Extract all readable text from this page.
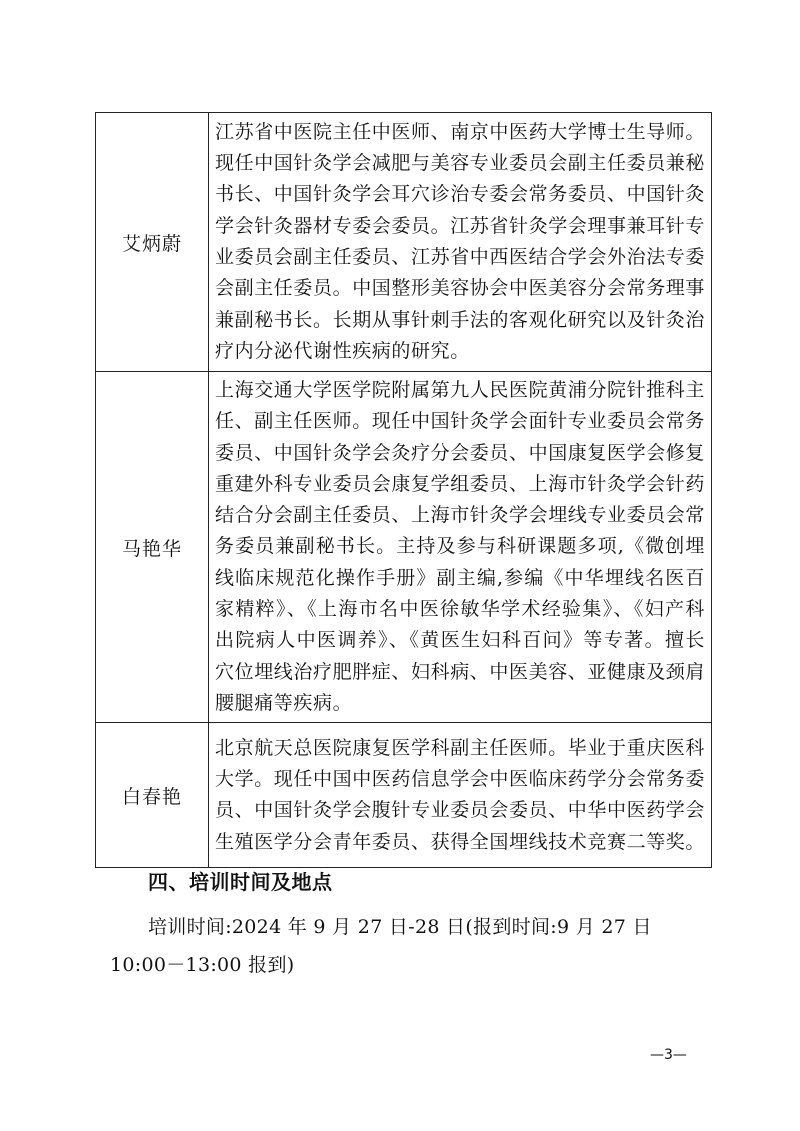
艾炳蔚	江苏省中医院主任中医师、南京中医药大学博士生导师。现任中国针灸学会减肥与美容专业委员会副主任委员兼秘书长、中国针灸学会耳穴诊治专委会常务委员、中国针灸学会针灸器材专委会委员。江苏省针灸学会理事兼耳针专业委员会副主任委员、江苏省中西医结合学会外治法专委会副主任委员。中国整形美容协会中医美容分会常务理事兼副秘书长。长期从事针刺手法的客观化研究以及针灸治疗内分泌代谢性疾病的研究。
马艳华	上海交通大学医学院附属第九人民医院黄浦分院针推科主任、副主任医师。现任中国针灸学会面针专业委员会常务委员、中国针灸学会灸疗分会委员、中国康复医学会修复重建外科专业委员会康复学组委员、上海市针灸学会针药结合分会副主任委员、上海市针灸学会埋线专业委员会常务委员兼副秘书长。主持及参与科研课题多项,《微创埋线临床规范化操作手册》副主编,参编《中华埋线名医百家精粹》、《上海市名中医徐敏华学术经验集》、《妇产科出院病人中医调养》、《黄医生妇科百问》等专著。擅长穴位埋线治疗肥胖症、妇科病、中医美容、亚健康及颈肩腰腿痛等疾病。
白春艳	北京航天总医院康复医学科副主任医师。毕业于重庆医科大学。现任中国中医药信息学会中医临床药学分会常务委员、中国针灸学会腹针专业委员会委员、中华中医药学会生殖医学分会青年委员、获得全国埋线技术竞赛二等奖。
四、培训时间及地点

培训时间:2024 年 9 月 27 日-28 日(报到时间:9 月 27 日 10:00－13:00 报到)

—3—
